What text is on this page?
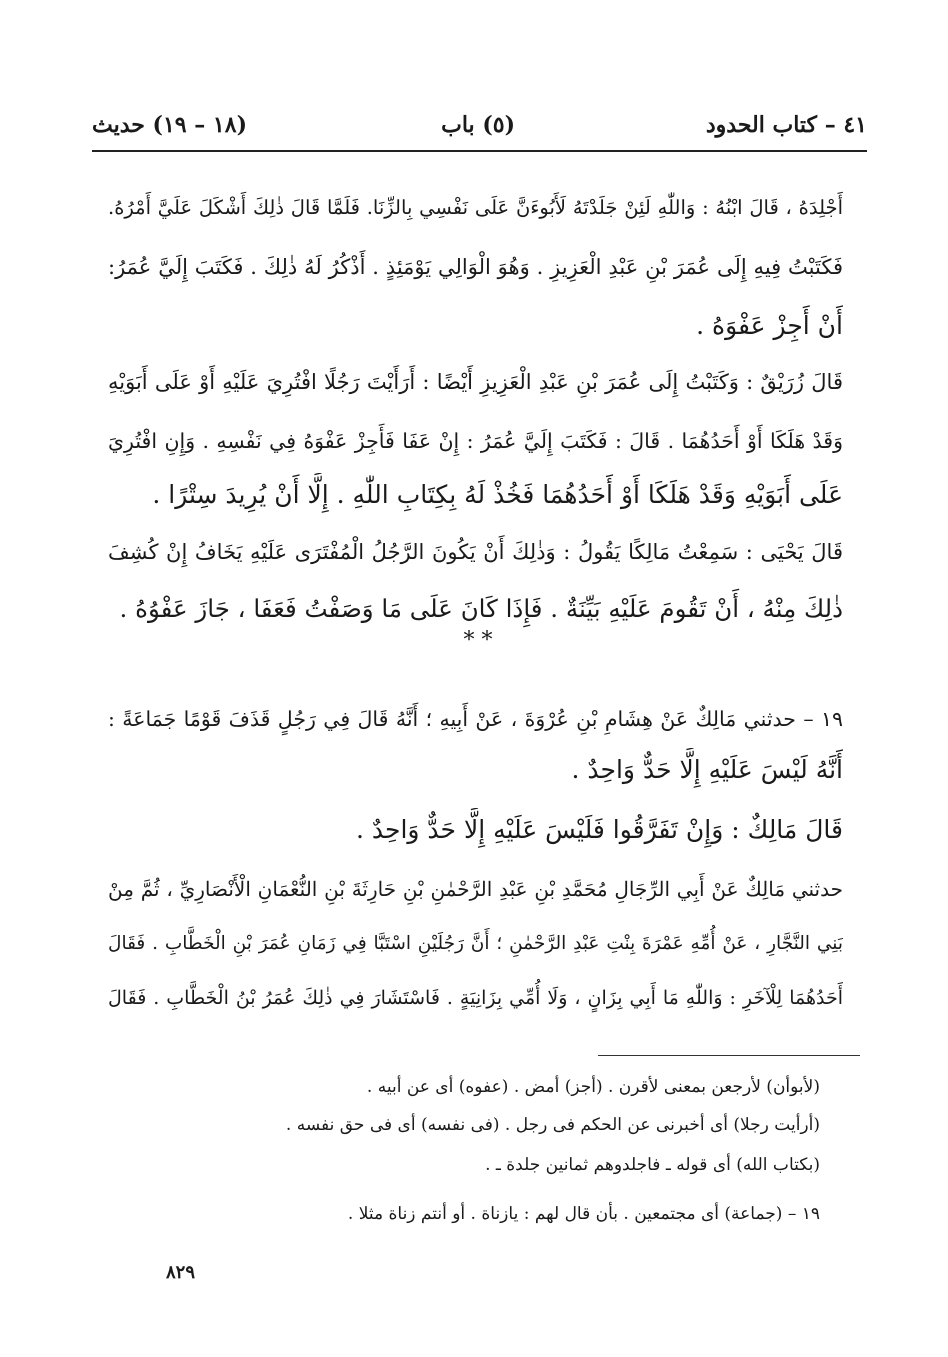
٤١ – كتاب الحدود
(٥) باب
(١٨ – ١٩) حديث
أَجْلِدَهُ ، قَالَ ابْنُهُ : وَاللّٰهِ لَئِنْ جَلَدْتَهُ لَأَبُوءَنَّ عَلَى نَفْسِي بِالزِّنَا. فَلَمَّا قَالَ ذٰلِكَ أَشْكَلَ عَلَيَّ أَمْرُهُ.
فَكَتَبْتُ فِيهِ إِلَى عُمَرَ بْنِ عَبْدِ الْعَزِيزِ . وَهُوَ الْوَالِي يَوْمَئِذٍ . أَذْكُرُ لَهُ ذٰلِكَ . فَكَتَبَ إِلَيَّ عُمَرُ:
أَنْ أَجِزْ عَفْوَهُ .
قَالَ زُرَيْقٌ : وَكَتَبْتُ إِلَى عُمَرَ بْنِ عَبْدِ الْعَزِيزِ أَيْضًا : أَرَأَيْتَ رَجُلًا افْتُرِيَ عَلَيْهِ أَوْ عَلَى أَبَوَيْهِ
وَقَدْ هَلَكَا أَوْ أَحَدُهُمَا . قَالَ : فَكَتَبَ إِلَيَّ عُمَرُ : إِنْ عَفَا فَأَجِزْ عَفْوَهُ فِي نَفْسِهِ . وَإِنِ افْتُرِيَ
عَلَى أَبَوَيْهِ وَقَدْ هَلَكَا أَوْ أَحَدُهُمَا فَخُذْ لَهُ بِكِتَابِ اللّٰهِ . إِلَّا أَنْ يُرِيدَ سِتْرًا .
قَالَ يَحْيَى : سَمِعْتُ مَالِكًا يَقُولُ : وَذٰلِكَ أَنْ يَكُونَ الرَّجُلُ الْمُفْتَرَى عَلَيْهِ يَخَافُ إِنْ كُشِفَ
ذٰلِكَ مِنْهُ ، أَنْ تَقُومَ عَلَيْهِ بَيِّنَةٌ . فَإِذَا كَانَ عَلَى مَا وَصَفْتُ فَعَفَا ، جَازَ عَفْوُهُ .
* *
١٩ – حدثني مَالِكٌ عَنْ هِشَامِ بْنِ عُرْوَةَ ، عَنْ أَبِيهِ ؛ أَنَّهُ قَالَ فِي رَجُلٍ قَذَفَ قَوْمًا جَمَاعَةً :
أَنَّهُ لَيْسَ عَلَيْهِ إِلَّا حَدٌّ وَاحِدٌ .
قَالَ مَالِكٌ : وَإِنْ تَفَرَّقُوا فَلَيْسَ عَلَيْهِ إِلَّا حَدٌّ وَاحِدٌ .
حدثني مَالِكٌ عَنْ أَبِي الرِّجَالِ مُحَمَّدِ بْنِ عَبْدِ الرَّحْمٰنِ بْنِ حَارِثَةَ بْنِ النُّعْمَانِ الْأَنْصَارِيِّ ، ثُمَّ مِنْ
بَنِي النَّجَّارِ ، عَنْ أُمِّهِ عَمْرَةَ بِنْتِ عَبْدِ الرَّحْمٰنِ ؛ أَنَّ رَجُلَيْنِ اسْتَبَّا فِي زَمَانِ عُمَرَ بْنِ الْخَطَّابِ . فَقَالَ
أَحَدُهُمَا لِلْآخَرِ : وَاللّٰهِ مَا أَبِي بِزَانٍ ، وَلَا أُمِّي بِزَانِيَةٍ . فَاسْتَشَارَ فِي ذٰلِكَ عُمَرُ بْنُ الْخَطَّابِ . فَقَالَ
(لأبوأن) لأرجعن بمعنى لأقرن . (أجز) أمض . (عفوه) أى عن أبيه .
(أرأيت رجلا) أى أخبرنى عن الحكم فى رجل . (فى نفسه) أى فى حق نفسه .
(بكتاب الله) أى قوله ـ فاجلدوهم ثمانين جلدة ـ .
١٩ – (جماعة) أى مجتمعين . بأن قال لهم : يازناة . أو أنتم زناة مثلا .
٨٢٩
